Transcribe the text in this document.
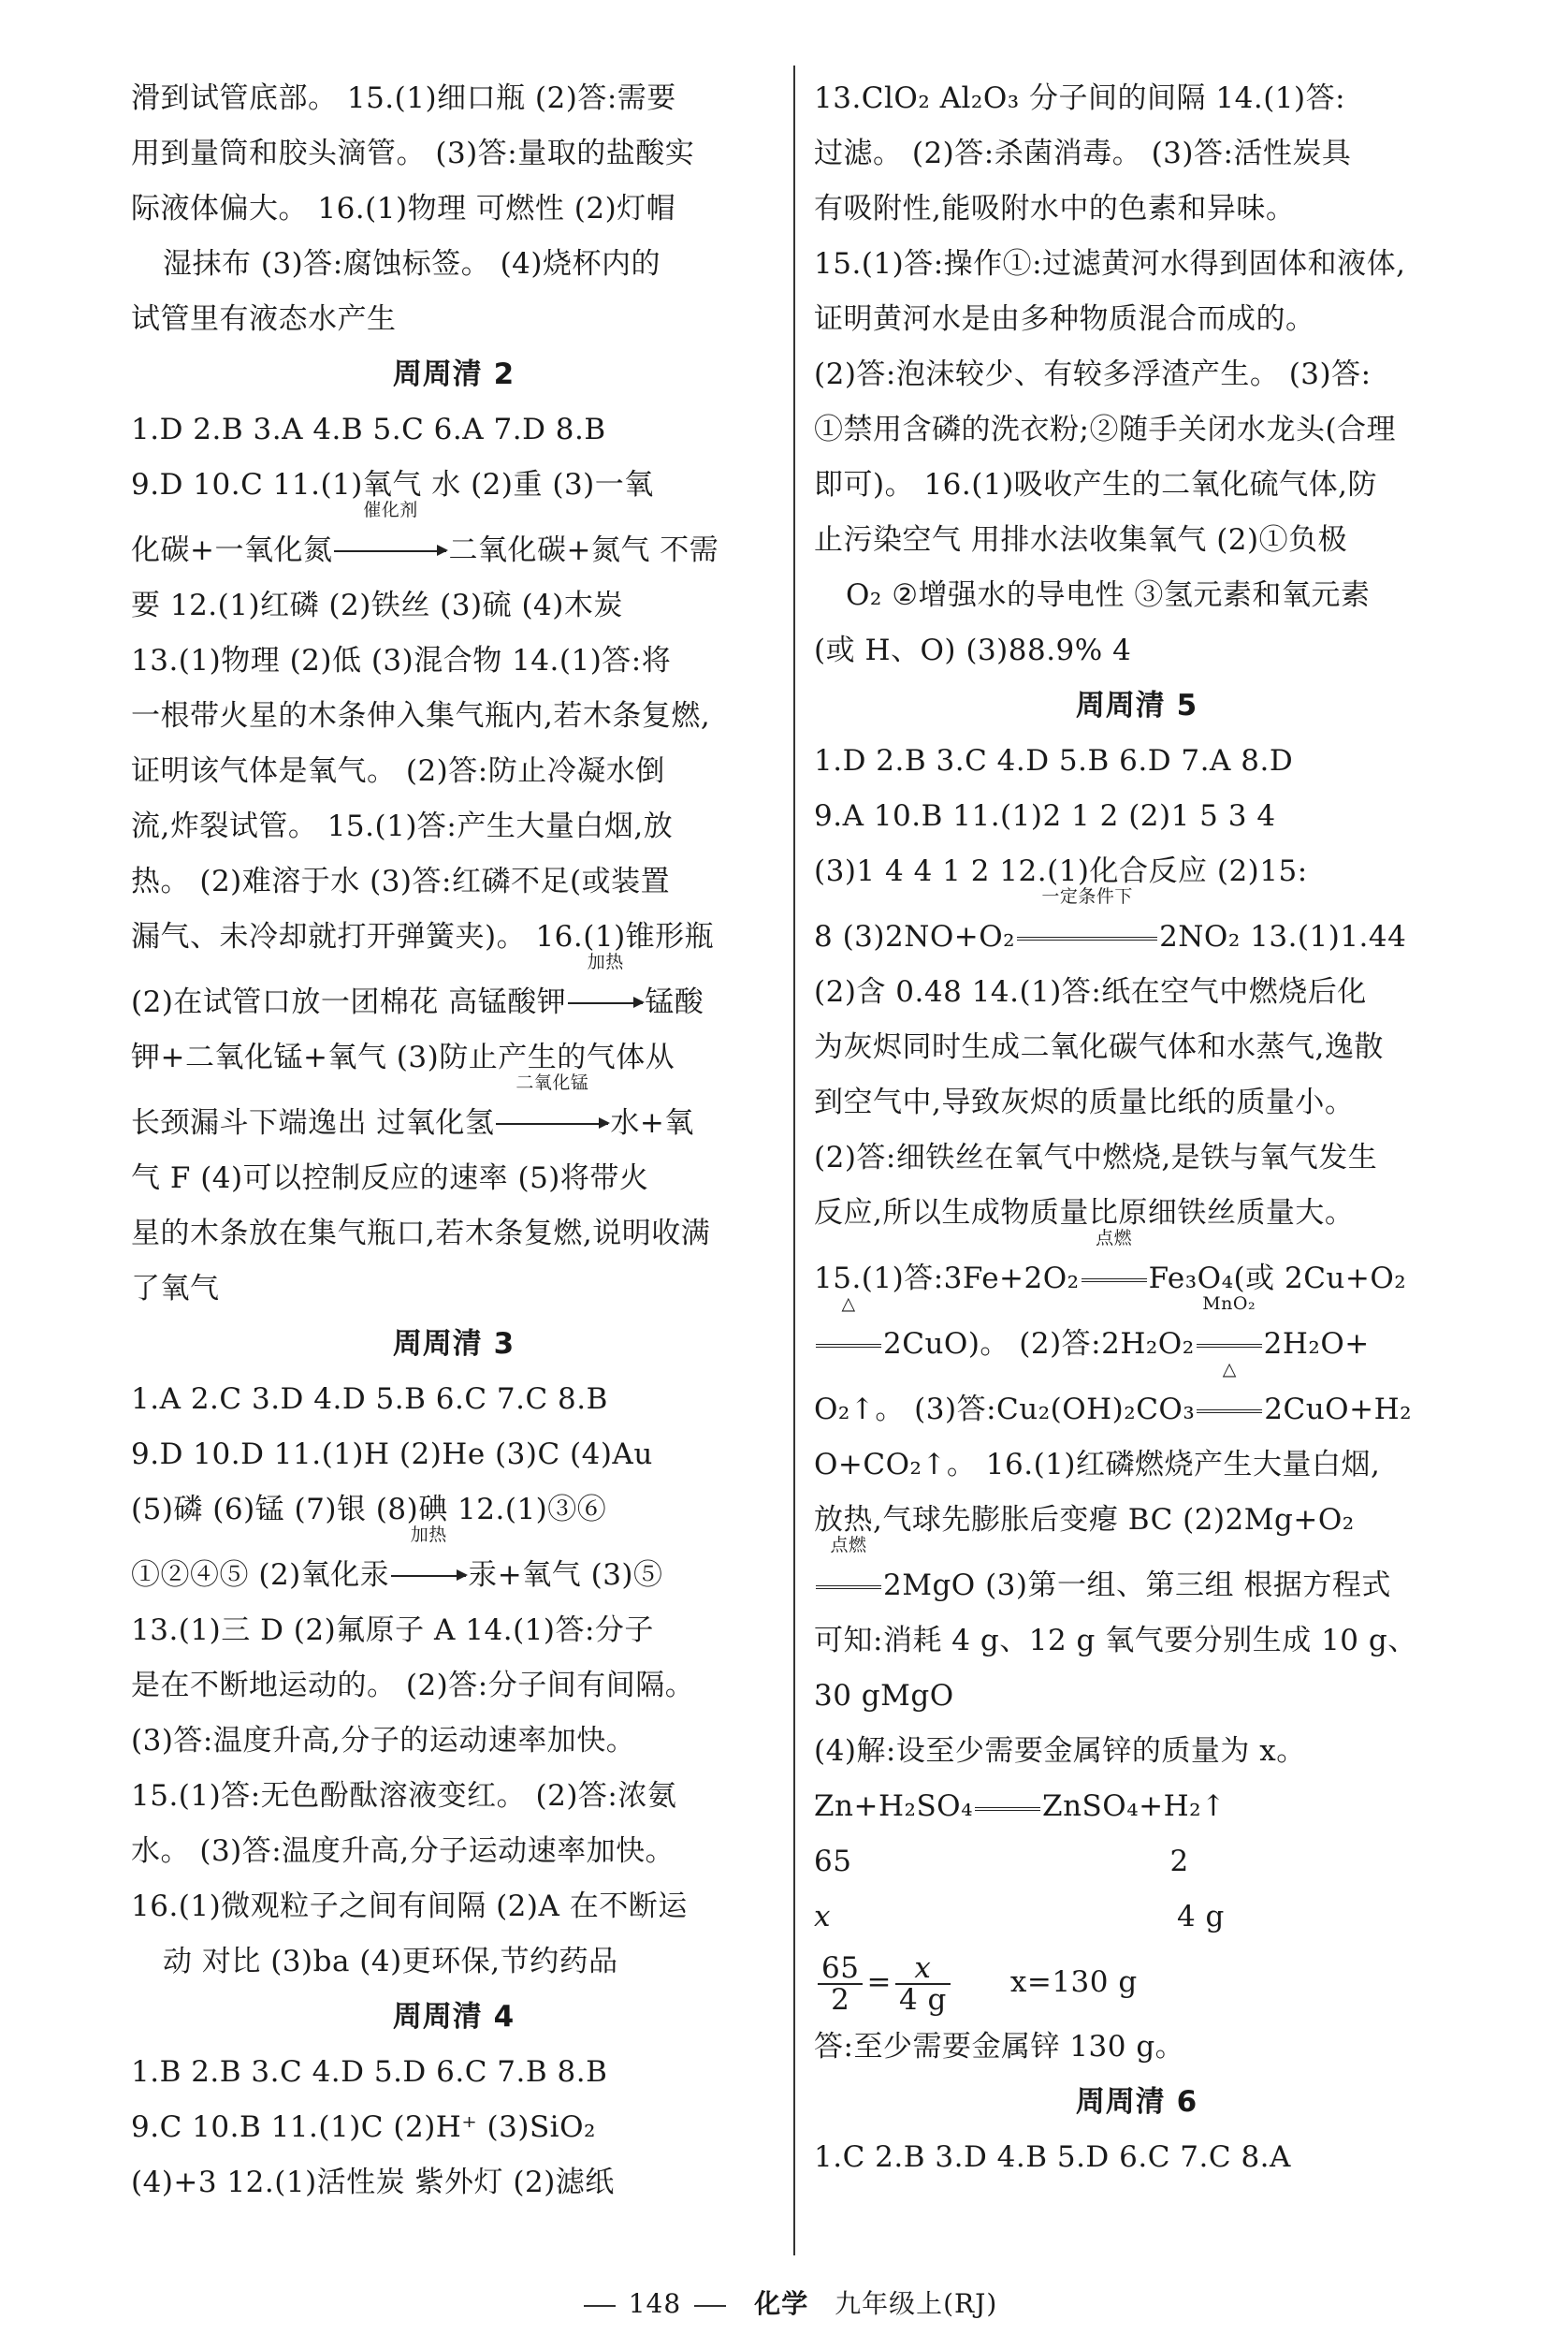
滑到试管底部。 15.(1)细口瓶 (2)答:需要
用到量筒和胶头滴管。 (3)答:量取的盐酸实
际液体偏大。 16.(1)物理 可燃性 (2)灯帽
湿抹布 (3)答:腐蚀标签。 (4)烧杯内的
试管里有液态水产生
周周清 2
1.D 2.B 3.A 4.B 5.C 6.A 7.D 8.B
9.D 10.C 11.(1)氧气 水 (2)重 (3)一氧
化碳+一氧化氮
催化剂
二氧化碳+氮气 不需
要 12.(1)红磷 (2)铁丝 (3)硫 (4)木炭
13.(1)物理 (2)低 (3)混合物 14.(1)答:将
一根带火星的木条伸入集气瓶内,若木条复燃,
证明该气体是氧气。 (2)答:防止冷凝水倒
流,炸裂试管。 15.(1)答:产生大量白烟,放
热。 (2)难溶于水 (3)答:红磷不足(或装置
漏气、未冷却就打开弹簧夹)。 16.(1)锥形瓶
(2)在试管口放一团棉花 高锰酸钾
加热
锰酸
钾+二氧化锰+氧气 (3)防止产生的气体从
长颈漏斗下端逸出 过氧化氢
二氧化锰
水+氧
气 F (4)可以控制反应的速率 (5)将带火
星的木条放在集气瓶口,若木条复燃,说明收满
了氧气
周周清 3
1.A 2.C 3.D 4.D 5.B 6.C 7.C 8.B
9.D 10.D 11.(1)H (2)He (3)C (4)Au
(5)磷 (6)锰 (7)银 (8)碘 12.(1)③⑥
①②④⑤ (2)氧化汞
加热
汞+氧气 (3)⑤
13.(1)三 D (2)氟原子 A 14.(1)答:分子
是在不断地运动的。 (2)答:分子间有间隔。
(3)答:温度升高,分子的运动速率加快。
15.(1)答:无色酚酞溶液变红。 (2)答:浓氨
水。 (3)答:温度升高,分子运动速率加快。
16.(1)微观粒子之间有间隔 (2)A 在不断运
动 对比 (3)ba (4)更环保,节约药品
周周清 4
1.B 2.B 3.C 4.D 5.D 6.C 7.B 8.B
9.C 10.B 11.(1)C (2)H⁺ (3)SiO₂
(4)+3 12.(1)活性炭 紫外灯 (2)滤纸
13.ClO₂ Al₂O₃ 分子间的间隔 14.(1)答:
过滤。 (2)答:杀菌消毒。 (3)答:活性炭具
有吸附性,能吸附水中的色素和异味。
15.(1)答:操作①:过滤黄河水得到固体和液体,
证明黄河水是由多种物质混合而成的。
(2)答:泡沫较少、有较多浮渣产生。 (3)答:
①禁用含磷的洗衣粉;②随手关闭水龙头(合理
即可)。 16.(1)吸收产生的二氧化硫气体,防
止污染空气 用排水法收集氧气 (2)①负极
O₂ ②增强水的导电性 ③氢元素和氧元素
(或 H、O) (3)88.9% 4
周周清 5
1.D 2.B 3.C 4.D 5.B 6.D 7.A 8.D
9.A 10.B 11.(1)2 1 2 (2)1 5 3 4
(3)1 4 4 1 2 12.(1)化合反应 (2)15:
8 (3)2NO+O₂
一定条件下
2NO₂ 13.(1)1.44
(2)含 0.48 14.(1)答:纸在空气中燃烧后化
为灰烬同时生成二氧化碳气体和水蒸气,逸散
到空气中,导致灰烬的质量比纸的质量小。
(2)答:细铁丝在氧气中燃烧,是铁与氧气发生
反应,所以生成物质量比原细铁丝质量大。
15.(1)答:3Fe+2O₂
点燃
Fe₃O₄(或 2Cu+O₂
△
2CuO)。 (2)答:2H₂O₂
MnO₂
2H₂O+
O₂↑。 (3)答:Cu₂(OH)₂CO₃
△
2CuO+H₂
O+CO₂↑。 16.(1)红磷燃烧产生大量白烟,
放热,气球先膨胀后变瘪 BC (2)2Mg+O₂
点燃
2MgO (3)第一组、第三组 根据方程式
可知:消耗 4 g、12 g 氧气要分别生成 10 g、
30 gMgO
(4)解:设至少需要金属锌的质量为 x。
Zn+H₂SO₄ ZnSO₄+H₂↑
65	2
x	4 g
$\frac{65}{2} = \frac{x}{4 g} x=130$ g
答:至少需要金属锌 130 g。
周周清 6
1.C 2.B 3.D 4.B 5.D 6.C 7.C 8.A
148	化学 九年级上(RJ)
